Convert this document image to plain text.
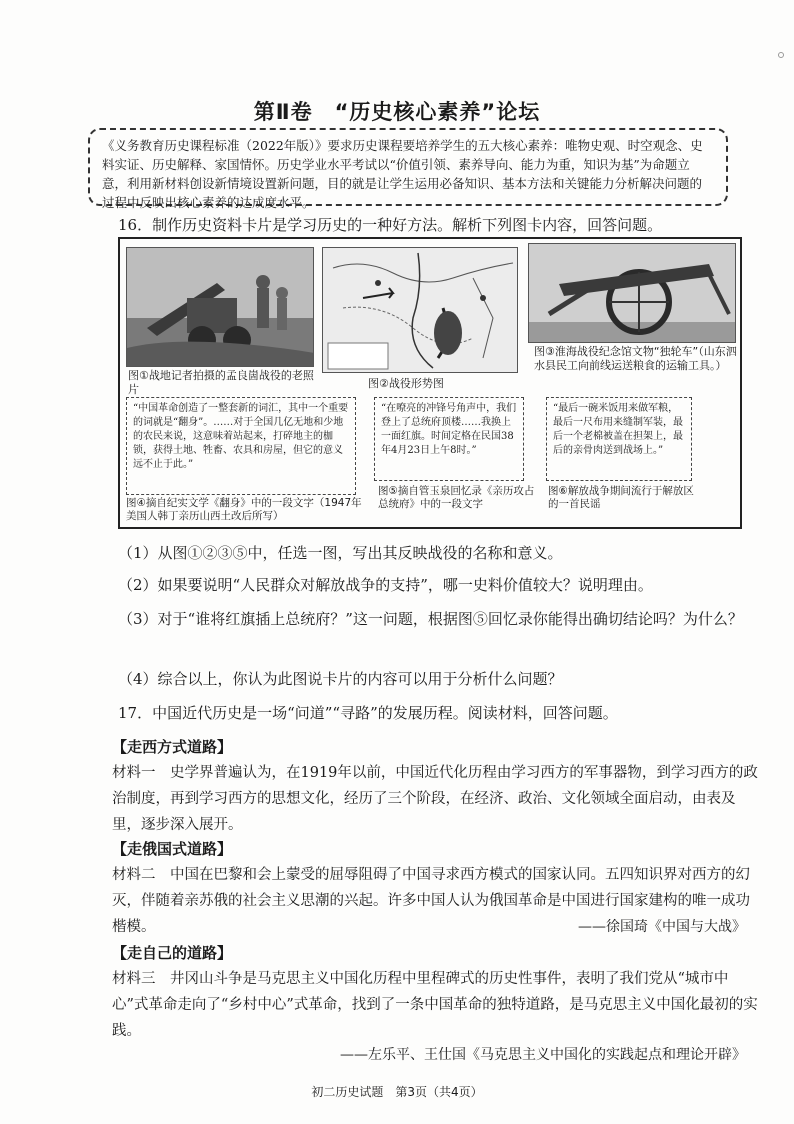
第Ⅱ卷　“历史核心素养”论坛
《义务教育历史课程标准（2022年版）》要求历史课程要培养学生的五大核心素养：唯物史观、时空观念、史料实证、历史解释、家国情怀。历史学业水平考试以“价值引领、素养导向、能力为重，知识为基”为命题立意，利用新材料创设新情境设置新问题，目的就是让学生运用必备知识、基本方法和关键能力分析解决问题的过程中反映出核心素养的达成度水平。
16．制作历史资料卡片是学习历史的一种好方法。解析下列图卡内容，回答问题。
图①战地记者拍摄的孟良崮战役的老照片	图②战役形势图
图③淮海战役纪念馆文物“独轮车”（山东泗水县民工向前线运送粮食的运输工具。）
“中国革命创造了一整套新的词汇，其中一个重要的词就是“翻身”。……对于全国几亿无地和少地的农民来说，这意味着站起来，打碎地主的枷锁，获得土地、牲畜、农具和房屋，但它的意义远不止于此。”
图④摘自纪实文学《翻身》中的一段文字（1947年美国人韩丁亲历山西土改后所写）
“在嘹亮的冲锋号角声中，我们登上了总统府顶楼……我换上一面红旗。时间定格在民国38年4月23日上午8时。”
图⑤摘自管玉泉回忆录《亲历攻占总统府》中的一段文字
“最后一碗米饭用来做军粮，最后一尺布用来缝制军装，最后一个老棉被盖在担架上，最后的亲骨肉送到战场上。”
图⑥解放战争期间流行于解放区的一首民谣
（1）从图①②③⑤中，任选一图，写出其反映战役的名称和意义。
（2）如果要说明“人民群众对解放战争的支持”，哪一史料价值较大？说明理由。
（3）对于“谁将红旗插上总统府？”这一问题，根据图⑤回忆录你能得出确切结论吗？为什么？
（4）综合以上，你认为此图说卡片的内容可以用于分析什么问题？
17．中国近代历史是一场“问道”“寻路”的发展历程。阅读材料，回答问题。
【走西方式道路】
材料一　史学界普遍认为，在1919年以前，中国近代化历程由学习西方的军事器物，到学习西方的政治制度，再到学习西方的思想文化，经历了三个阶段，在经济、政治、文化领域全面启动，由表及里，逐步深入展开。
【走俄国式道路】
材料二　中国在巴黎和会上蒙受的屈辱阻碍了中国寻求西方模式的国家认同。五四知识界对西方的幻灭，伴随着亲苏俄的社会主义思潮的兴起。许多中国人认为俄国革命是中国进行国家建构的唯一成功楷模。	——徐国琦《中国与大战》
【走自己的道路】
材料三　井冈山斗争是马克思主义中国化历程中里程碑式的历史性事件，表明了我们党从“城市中心”式革命走向了“乡村中心”式革命，找到了一条中国革命的独特道路，是马克思主义中国化最初的实践。
——左乐平、王仕国《马克思主义中国化的实践起点和理论开辟》
初二历史试题　第3页（共4页）
